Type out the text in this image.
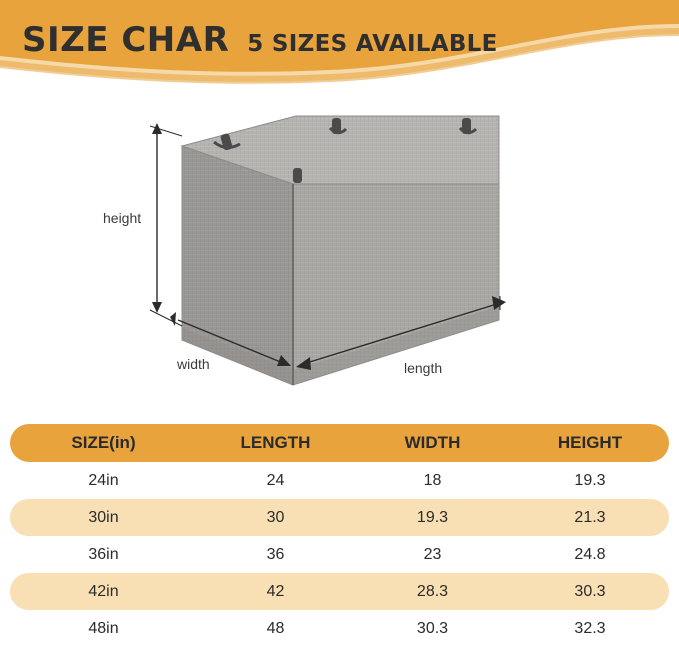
SIZE CHAR 5 SIZES AVAILABLE
height
width	length
SIZE(in)	LENGTH	WIDTH	HEIGHT
24in	24	18	19.3
30in	30	19.3	21.3
36in	36	23	24.8
42in	42	28.3	30.3
48in	48	30.3	32.3
